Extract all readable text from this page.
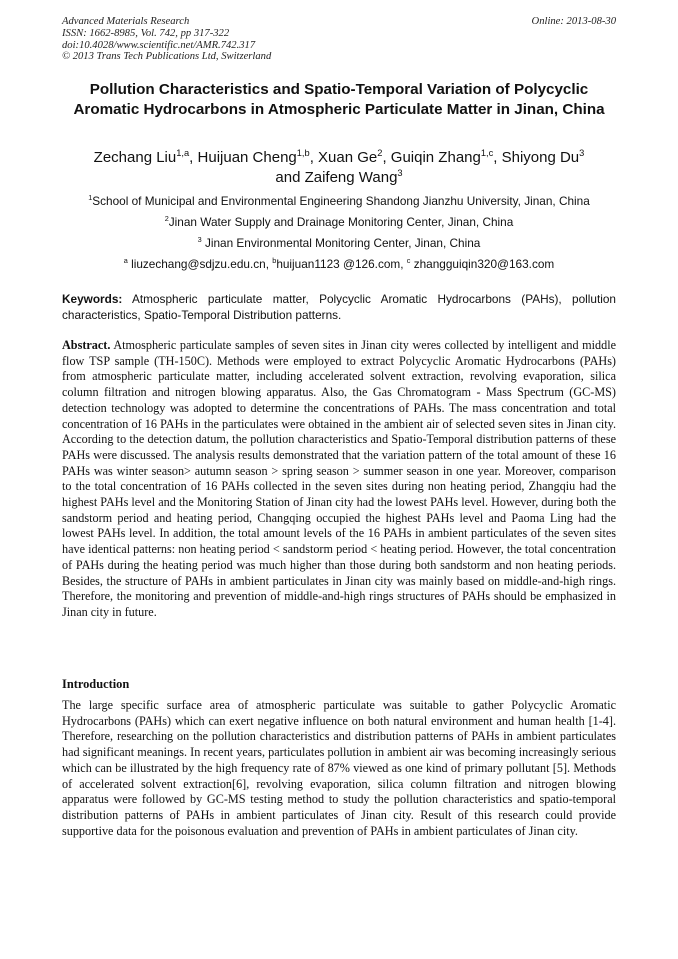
Advanced Materials Research
ISSN: 1662-8985, Vol. 742, pp 317-322
doi:10.4028/www.scientific.net/AMR.742.317
© 2013 Trans Tech Publications Ltd, Switzerland
Online: 2013-08-30
Pollution Characteristics and Spatio-Temporal Variation of Polycyclic Aromatic Hydrocarbons in Atmospheric Particulate Matter in Jinan, China
Zechang Liu$^{1,a}$, Huijuan Cheng$^{1,b}$, Xuan Ge$^2$, Guiqin Zhang$^{1,c}$, Shiyong Du$^3$
and Zaifeng Wang$^3$
$^1$School of Municipal and Environmental Engineering Shandong Jianzhu University, Jinan, China
$^2$Jinan Water Supply and Drainage Monitoring Center, Jinan, China
$^3$ Jinan Environmental Monitoring Center, Jinan, China
$^a$ liuzechang@sdjzu.edu.cn, $^b$huijuan1123 @126.com, $^c$ zhangguiqin320@163.com
Keywords: Atmospheric particulate matter, Polycyclic Aromatic Hydrocarbons (PAHs), pollution characteristics, Spatio-Temporal Distribution patterns.
Abstract. Atmospheric particulate samples of seven sites in Jinan city weres collected by intelligent and middle flow TSP sample (TH-150C). Methods were employed to extract Polycyclic Aromatic Hydrocarbons (PAHs) from atmospheric particulate matter, including accelerated solvent extraction, revolving evaporation, silica column filtration and nitrogen blowing apparatus. Also, the Gas Chromatogram - Mass Spectrum (GC-MS) detection technology was adopted to determine the concentrations of PAHs. The mass concentration and total concentration of 16 PAHs in the particulates were obtained in the ambient air of selected seven sites in Jinan city. According to the detection datum, the pollution characteristics and Spatio-Temporal distribution patterns of these PAHs were discussed. The analysis results demonstrated that the variation pattern of the total amount of these 16 PAHs was winter season> autumn season > spring season > summer season in one year. Moreover, comparison to the total concentration of 16 PAHs collected in the seven sites during non heating period, Zhangqiu had the highest PAHs level and the Monitoring Station of Jinan city had the lowest PAHs level. However, during both the sandstorm period and heating period, Changqing occupied the highest PAHs level and Paoma Ling had the lowest PAHs level. In addition, the total amount levels of the 16 PAHs in ambient particulates of the seven sites have identical patterns: non heating period < sandstorm period < heating period. However, the total concentration of PAHs during the heating period was much higher than those during both sandstorm and non heating periods. Besides, the structure of PAHs in ambient particulates in Jinan city was mainly based on middle-and-high rings. Therefore, the monitoring and prevention of middle-and-high rings structures of PAHs should be emphasized in Jinan city in future.
Introduction
The large specific surface area of atmospheric particulate was suitable to gather Polycyclic Aromatic Hydrocarbons (PAHs) which can exert negative influence on both natural environment and human health [1-4]. Therefore, researching on the pollution characteristics and distribution patterns of PAHs in ambient particulates had significant meanings. In recent years, particulates pollution in ambient air was becoming increasingly serious which can be illustrated by the high frequency rate of 87% viewed as one kind of primary pollutant [5]. Methods of accelerated solvent extraction[6], revolving evaporation, silica column filtration and nitrogen blowing apparatus were followed by GC-MS testing method to study the pollution characteristics and spatio-temporal distribution patterns of PAHs in ambient particulates of Jinan city. Result of this research could provide supportive data for the poisonous evaluation and prevention of PAHs in ambient particulates of Jinan city.
